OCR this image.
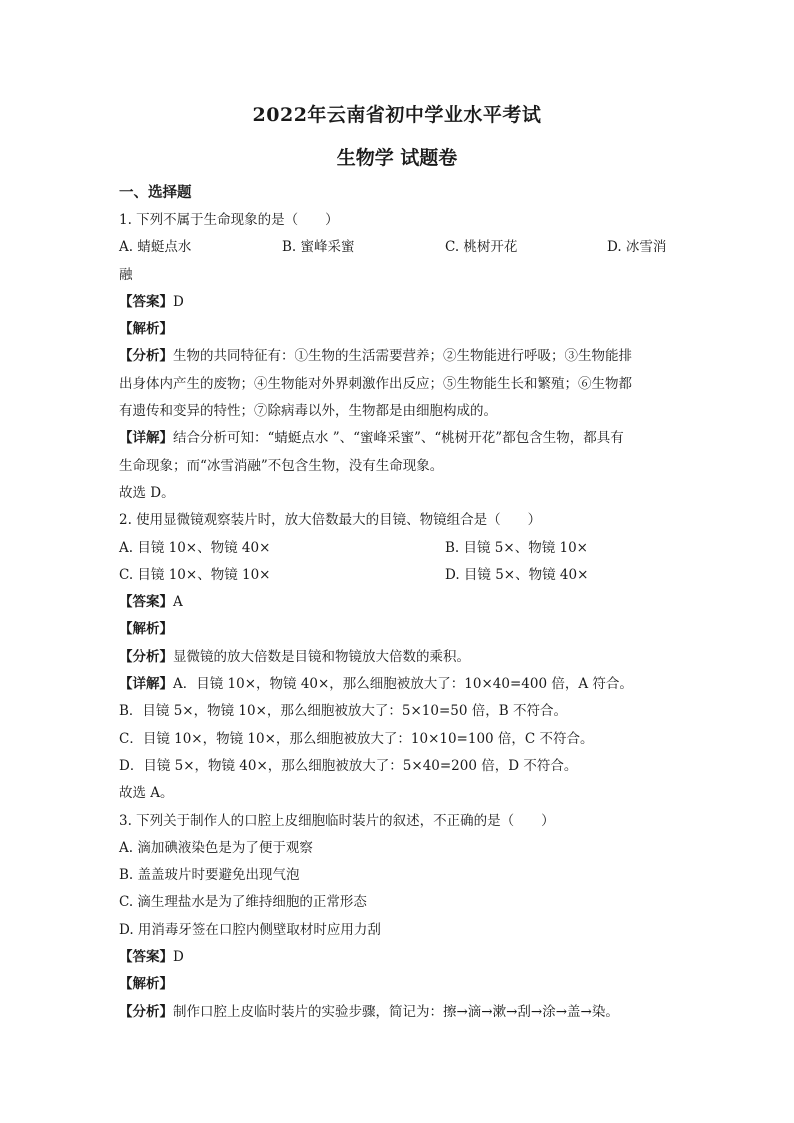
2022年云南省初中学业水平考试
生物学 试题卷
一、选择题
1. 下列不属于生命现象的是（　　）
A. 蜻蜓点水	B. 蜜峰采蜜	C. 桃树开花	D. 冰雪消
融
【答案】D
【解析】
【分析】生物的共同特征有：①生物的生活需要营养；②生物能进行呼吸；③生物能排
出身体内产生的废物；④生物能对外界刺激作出反应；⑤生物能生长和繁殖；⑥生物都
有遗传和变异的特性；⑦除病毒以外，生物都是由细胞构成的。
【详解】结合分析可知：“蜻蜓点水 ”、“蜜峰采蜜”、“桃树开花”都包含生物，都具有
生命现象；而“冰雪消融”不包含生物，没有生命现象。
故选 D。
2. 使用显微镜观察装片时，放大倍数最大的目镜、物镜组合是（　　）
A. 目镜 10×、物镜 40×	B. 目镜 5×、物镜 10×
C. 目镜 10×、物镜 10×	D. 目镜 5×、物镜 40×
【答案】A
【解析】
【分析】显微镜的放大倍数是目镜和物镜放大倍数的乘积。
【详解】A．目镜 10×，物镜 40×，那么细胞被放大了：10×40=400 倍，A 符合。
B．目镜 5×，物镜 10×，那么细胞被放大了：5×10=50 倍，B 不符合。
C．目镜 10×，物镜 10×，那么细胞被放大了：10×10=100 倍，C 不符合。
D．目镜 5×，物镜 40×，那么细胞被放大了：5×40=200 倍，D 不符合。
故选 A。
3. 下列关于制作人的口腔上皮细胞临时装片的叙述，不正确的是（　　）
A. 滴加碘液染色是为了便于观察
B. 盖盖玻片时要避免出现气泡
C. 滴生理盐水是为了维持细胞的正常形态
D. 用消毒牙签在口腔内侧壁取材时应用力刮
【答案】D
【解析】
【分析】制作口腔上皮临时装片的实验步骤，简记为：擦→滴→漱→刮→涂→盖→染。
